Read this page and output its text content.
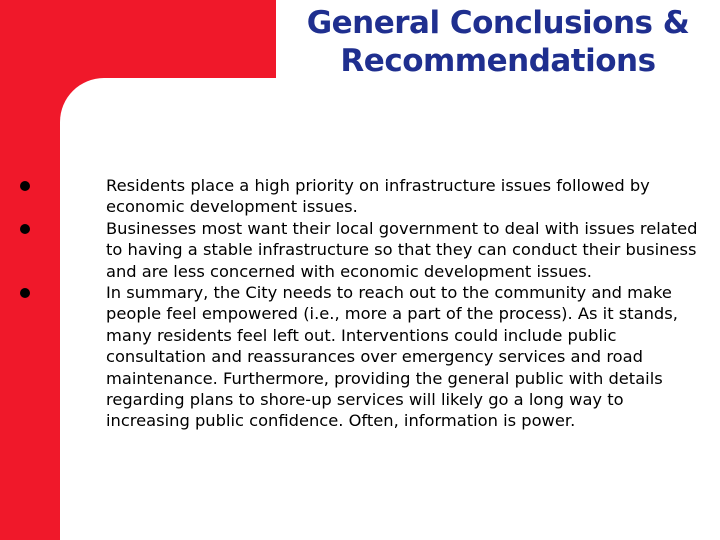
General Conclusions &
Recommendations
Residents place a high priority on infrastructure issues followed by economic development issues.
Businesses most want their local government to deal with issues related to having a stable infrastructure so that they can conduct their business and are less concerned with economic development issues.
In summary, the City needs to reach out to the community and make people feel empowered (i.e., more a part of the process). As it stands, many residents feel left out. Interventions could include public consultation and reassurances over emergency services and road maintenance. Furthermore, providing the general public with details regarding plans to shore-up services will likely go a long way to increasing public confidence. Often, information is power.
